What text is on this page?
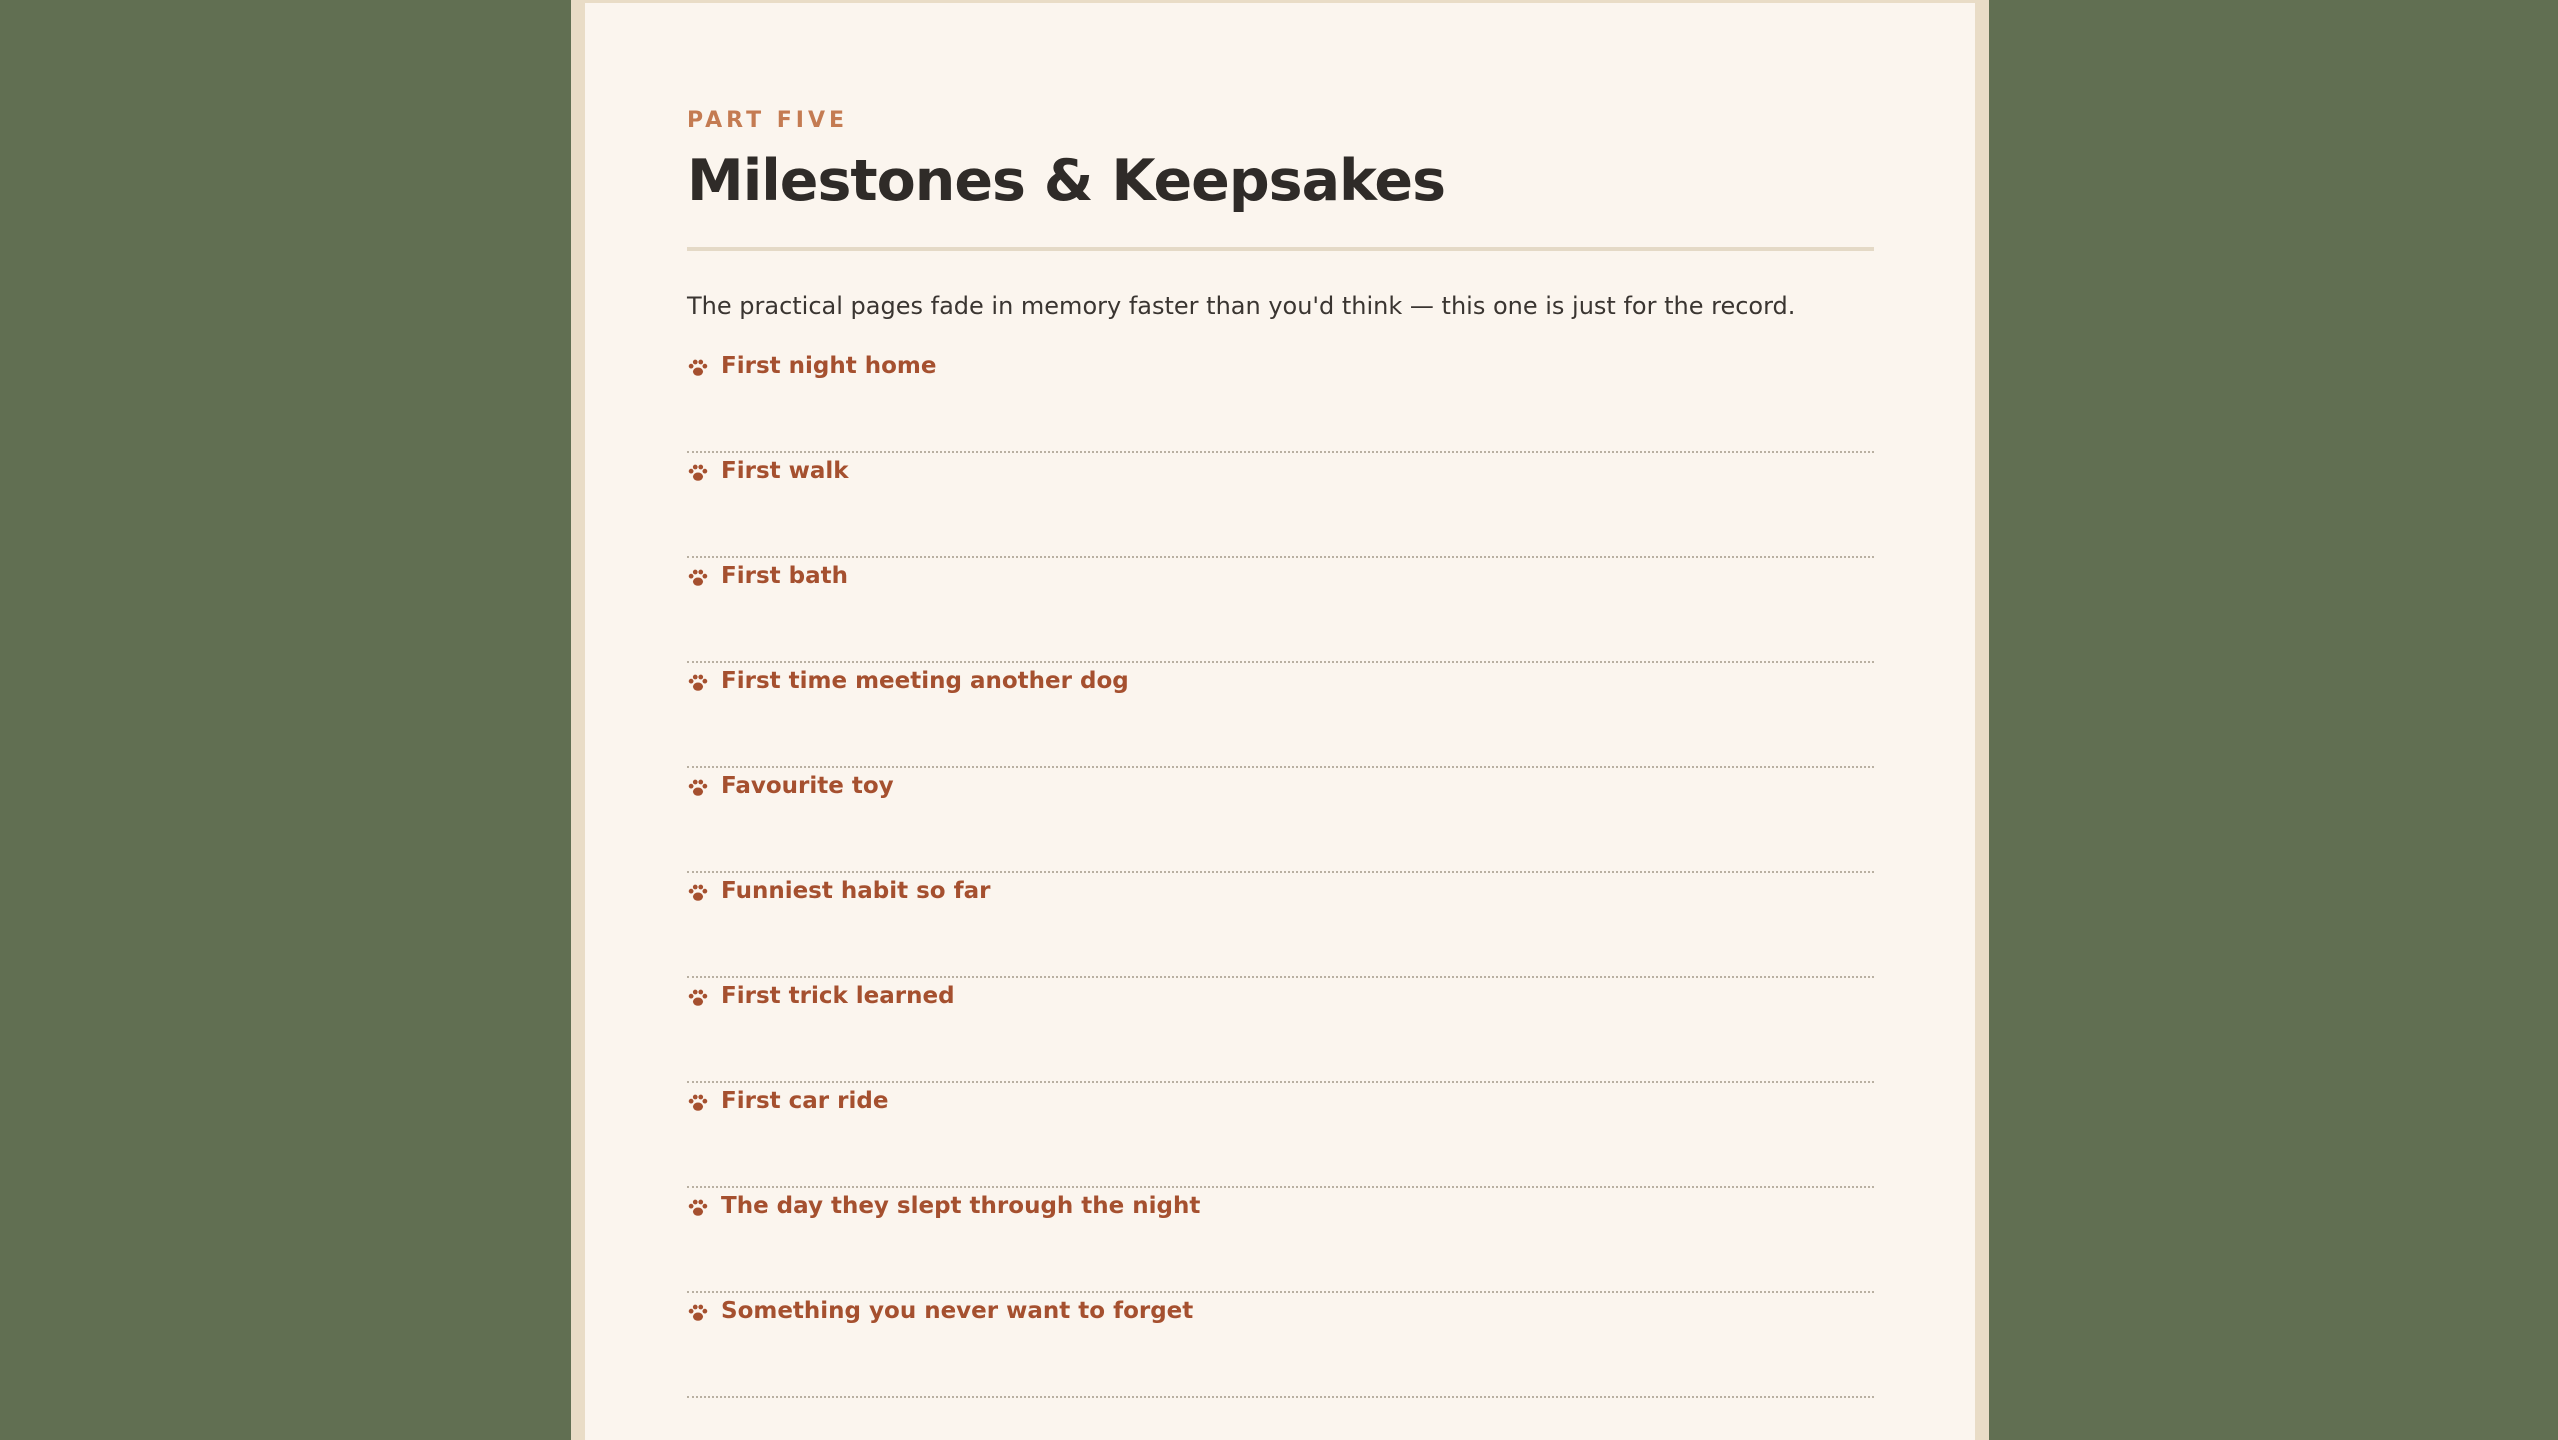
PART FIVE
Milestones & Keepsakes
The practical pages fade in memory faster than you'd think — this one is just for the record.
First night home
First walk
First bath
First time meeting another dog
Favourite toy
Funniest habit so far
First trick learned
First car ride
The day they slept through the night
Something you never want to forget
